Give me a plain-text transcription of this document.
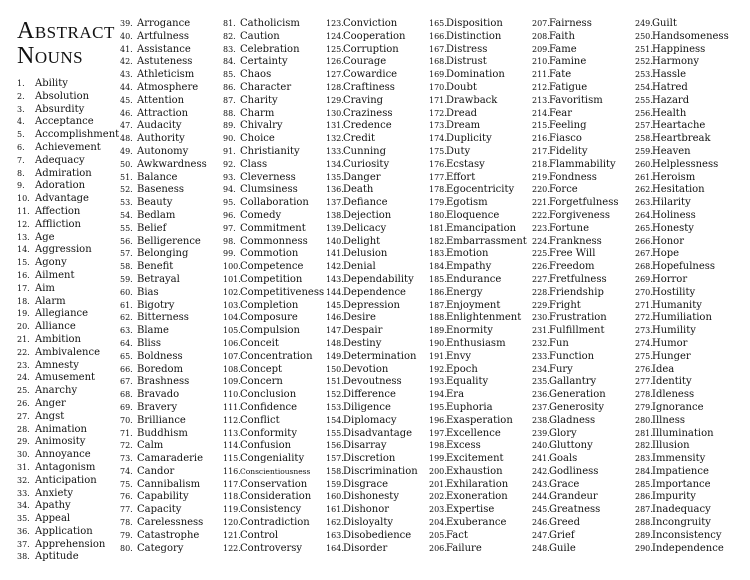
Abstract
Nouns
1.	Ability
2.	Absolution
3.	Absurdity
4.	Acceptance
5.	Accomplishment
6.	Achievement
7.	Adequacy
8.	Admiration
9.	Adoration
10. Advantage
11. Affection
12. Affliction
13. Age
14. Aggression
15. Agony
16. Ailment
17. Aim
18. Alarm
19. Allegiance
20. Alliance
21. Ambition
22. Ambivalence
23. Amnesty
24. Amusement
25. Anarchy
26. Anger
27. Angst
28. Animation
29. Animosity
30. Annoyance
31. Antagonism
32. Anticipation
33. Anxiety
34. Apathy
35. Appeal
36. Application
37. Apprehension
38. Aptitude
39. Arrogance
40. Artfulness
41. Assistance
42. Astuteness
43. Athleticism
44. Atmosphere
45. Attention
46. Attraction
47. Audacity
48. Authority
49. Autonomy
50. Awkwardness
51. Balance
52. Baseness
53. Beauty
54. Bedlam
55. Belief
56. Belligerence
57. Belonging
58. Benefit
59. Betrayal
60. Bias
61. Bigotry
62. Bitterness
63. Blame
64. Bliss
65. Boldness
66. Boredom
67. Brashness
68. Bravado
69. Bravery
70. Brilliance
71. Buddhism
72. Calm
73. Camaraderie
74. Candor
75. Cannibalism
76. Capability
77. Capacity
78. Carelessness
79. Catastrophe
80. Category
81. Catholicism
82. Caution
83. Celebration
84. Certainty
85. Chaos
86. Character
87. Charity
88. Charm
89. Chivalry
90. Choice
91. Christianity
92. Class
93. Cleverness
94. Clumsiness
95. Collaboration
96. Comedy
97. Commitment
98. Commonness
99. Commotion
100. Competence
101. Competition
102. Competitiveness
103. Completion
104. Composure
105. Compulsion
106. Conceit
107. Concentration
108. Concept
109. Concern
110. Conclusion
111. Confidence
112. Conflict
113. Conformity
114. Confusion
115. Congeniality
116. Conscientiousness
117. Conservation
118. Consideration
119. Consistency
120. Contradiction
121. Control
122. Controversy
123. Conviction
124. Cooperation
125. Corruption
126. Courage
127. Cowardice
128. Craftiness
129. Craving
130. Craziness
131. Credence
132. Credit
133. Cunning
134. Curiosity
135. Danger
136. Death
137. Defiance
138. Dejection
139. Delicacy
140. Delight
141. Delusion
142. Denial
143. Dependability
144. Dependence
145. Depression
146. Desire
147. Despair
148. Destiny
149. Determination
150. Devotion
151. Devoutness
152. Difference
153. Diligence
154. Diplomacy
155. Disadvantage
156. Disarray
157. Discretion
158. Discrimination
159. Disgrace
160. Dishonesty
161. Dishonor
162. Disloyalty
163. Disobedience
164. Disorder
165. Disposition
166. Distinction
167. Distress
168. Distrust
169. Domination
170. Doubt
171. Drawback
172. Dread
173. Dream
174. Duplicity
175. Duty
176. Ecstasy
177. Effort
178. Egocentricity
179. Egotism
180. Eloquence
181. Emancipation
182. Embarrassment
183. Emotion
184. Empathy
185. Endurance
186. Energy
187. Enjoyment
188. Enlightenment
189. Enormity
190. Enthusiasm
191. Envy
192. Epoch
193. Equality
194. Era
195. Euphoria
196. Exasperation
197. Excellence
198. Excess
199. Excitement
200. Exhaustion
201. Exhilaration
202. Exoneration
203. Expertise
204. Exuberance
205. Fact
206. Failure
207. Fairness
208. Faith
209. Fame
210. Famine
211. Fate
212. Fatigue
213. Favoritism
214. Fear
215. Feeling
216. Fiasco
217. Fidelity
218. Flammability
219. Fondness
220. Force
221. Forgetfulness
222. Forgiveness
223. Fortune
224. Frankness
225. Free Will
226. Freedom
227. Fretfulness
228. Friendship
229. Fright
230. Frustration
231. Fulfillment
232. Fun
233. Function
234. Fury
235. Gallantry
236. Generation
237. Generosity
238. Gladness
239. Glory
240. Gluttony
241. Goals
242. Godliness
243. Grace
244. Grandeur
245. Greatness
246. Greed
247. Grief
248. Guile
249. Guilt
250. Handsomeness
251. Happiness
252. Harmony
253. Hassle
254. Hatred
255. Hazard
256. Health
257. Heartache
258. Heartbreak
259. Heaven
260. Helplessness
261. Heroism
262. Hesitation
263. Hilarity
264. Holiness
265. Honesty
266. Honor
267. Hope
268. Hopefulness
269. Horror
270. Hostility
271. Humanity
272. Humiliation
273. Humility
274. Humor
275. Hunger
276. Idea
277. Identity
278. Idleness
279. Ignorance
280. Illness
281. Illumination
282. Illusion
283. Immensity
284. Impatience
285. Importance
286. Impurity
287. Inadequacy
288. Incongruity
289. Inconsistency
290. Independence
